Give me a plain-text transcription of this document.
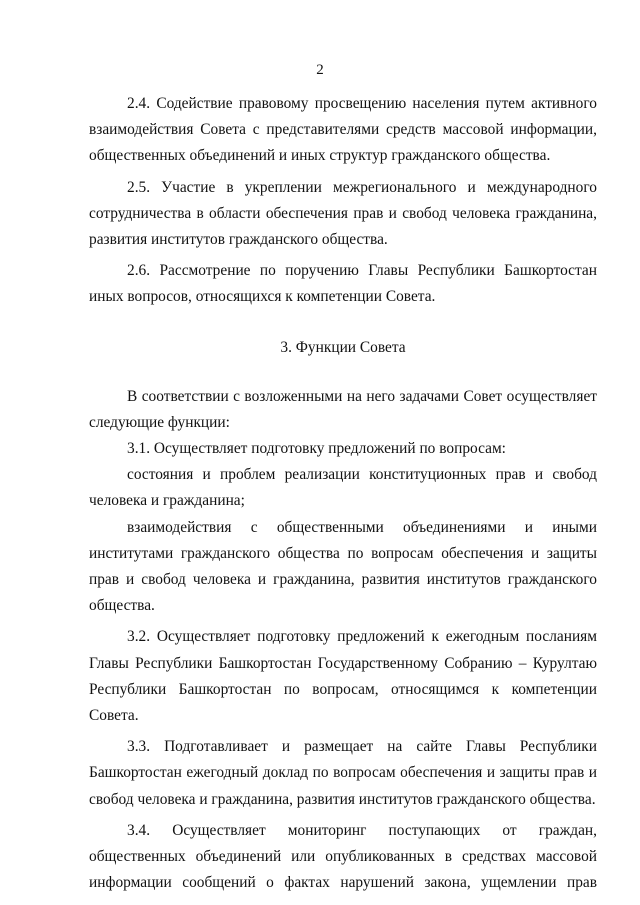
2

2.4. Содействие правовому просвещению населения путем активного взаимодействия Совета с представителями средств массовой информации, общественных объединений и иных структур гражданского общества.

2.5. Участие в укреплении межрегионального и международного сотрудничества в области обеспечения прав и свобод человека гражданина, развития институтов гражданского общества.

2.6. Рассмотрение по поручению Главы Республики Башкортостан иных вопросов, относящихся к компетенции Совета.

3. Функции Совета

В соответствии с возложенными на него задачами Совет осуществляет следующие функции:

3.1. Осуществляет подготовку предложений по вопросам:

состояния и проблем реализации конституционных прав и свобод человека и гражданина;

взаимодействия с общественными объединениями и иными институтами гражданского общества по вопросам обеспечения и защиты прав и свобод человека и гражданина, развития институтов гражданского общества.

3.2. Осуществляет подготовку предложений к ежегодным посланиям Главы Республики Башкортостан Государственному Собранию – Курултаю Республики Башкортостан по вопросам, относящимся к компетенции Совета.

3.3. Подготавливает и размещает на сайте Главы Республики Башкортостан ежегодный доклад по вопросам обеспечения и защиты прав и свобод человека и гражданина, развития институтов гражданского общества.

3.4. Осуществляет мониторинг поступающих от граждан, общественных объединений или опубликованных в средствах массовой информации сообщений о фактах нарушений закона, ущемлении прав
